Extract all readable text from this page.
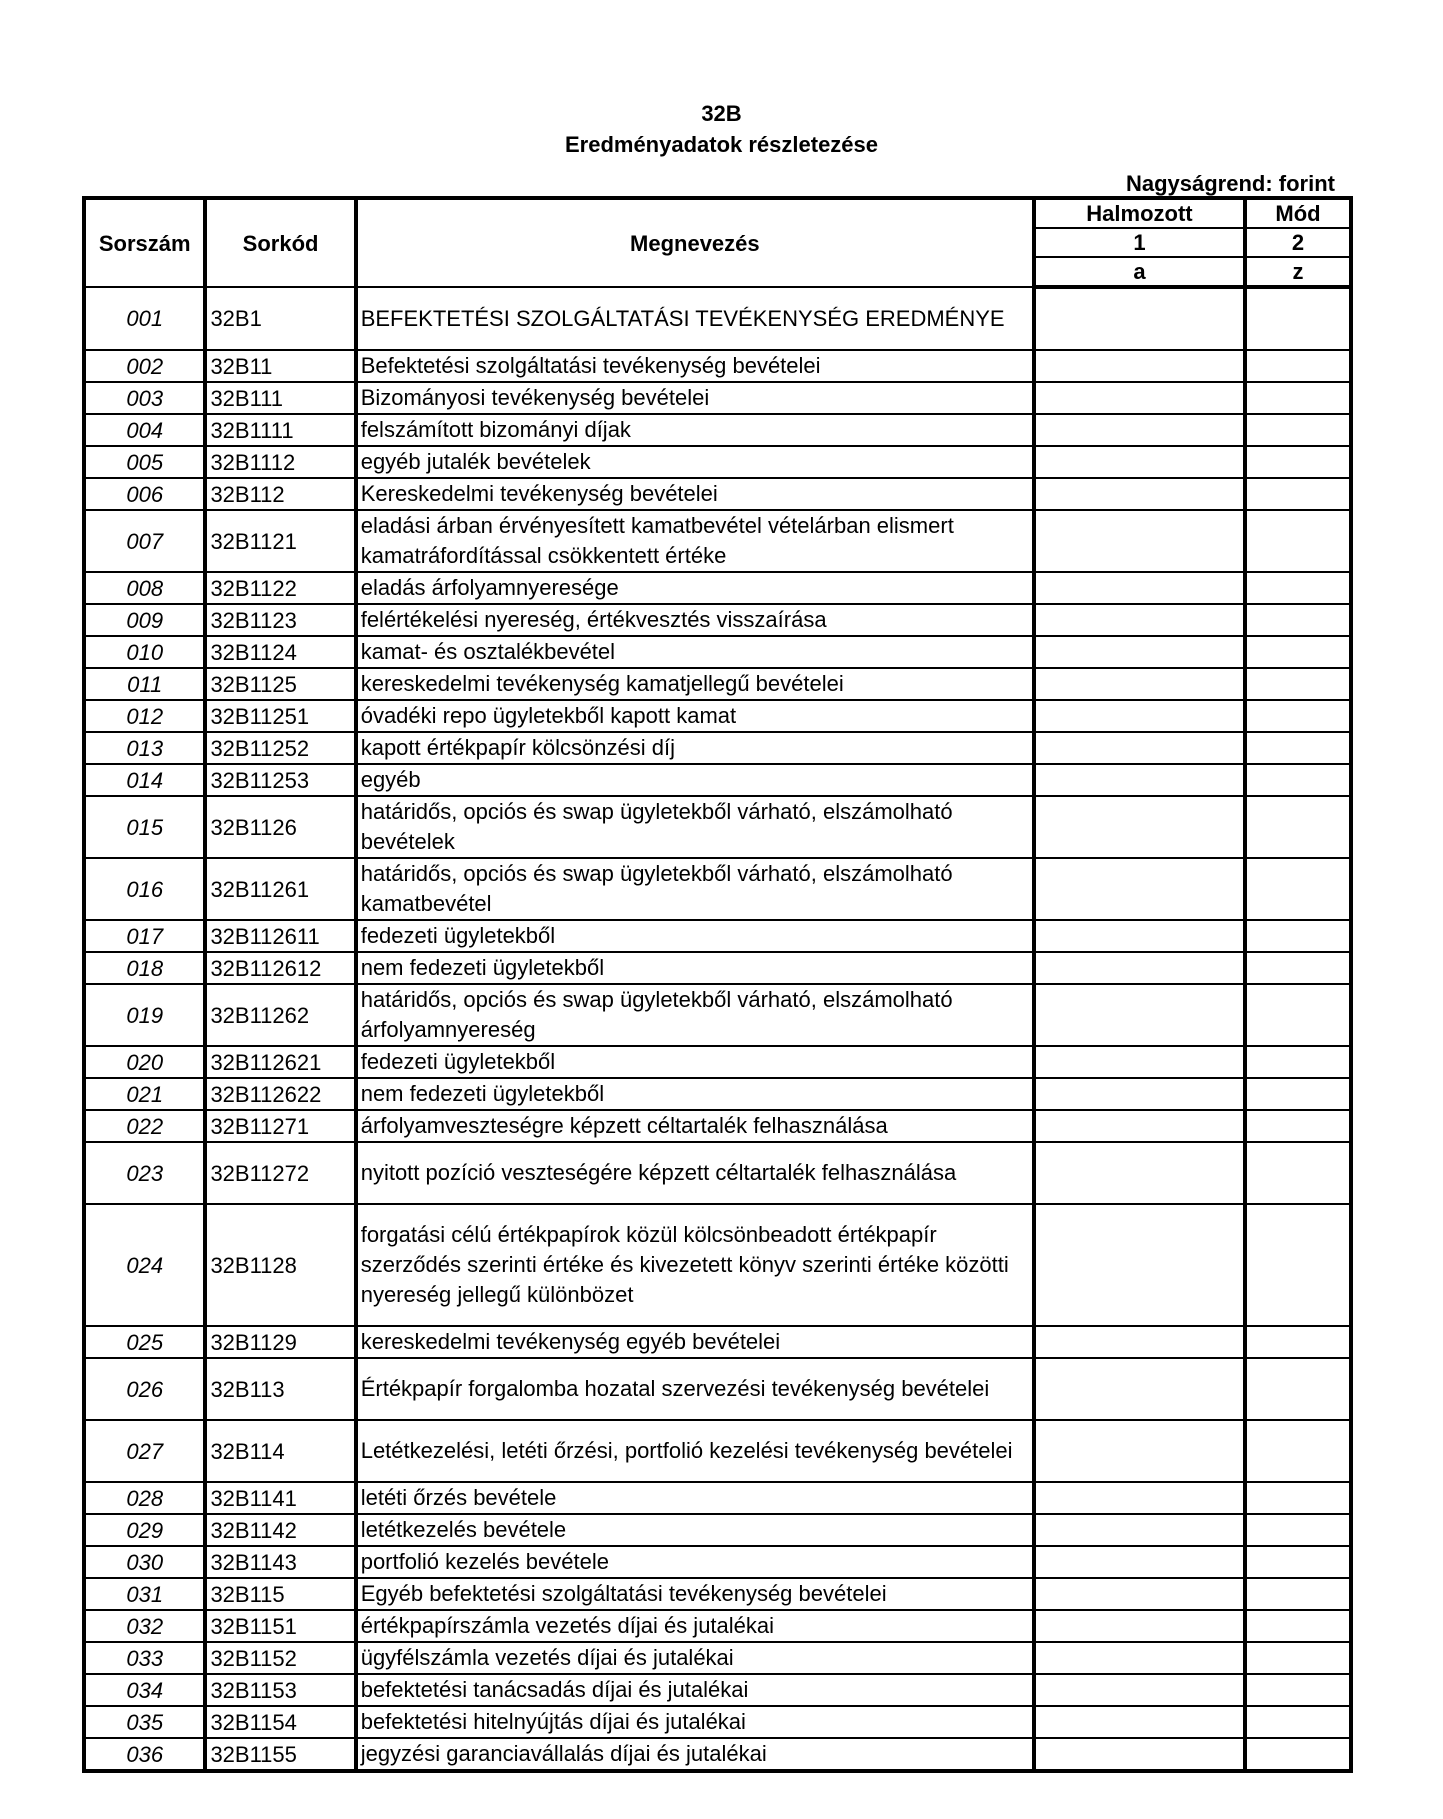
32B
Eredményadatok részletezése
Nagyságrend: forint
Sorszám	Sorkód	Megnevezés	Halmozott	Mód
			1	2
			a	z
001	32B1	BEFEKTETÉSI SZOLGÁLTATÁSI TEVÉKENYSÉG EREDMÉNYE		
002	32B11	Befektetési szolgáltatási tevékenység bevételei		
003	32B111	Bizományosi tevékenység bevételei		
004	32B1111	felszámított bizományi díjak		
005	32B1112	egyéb jutalék bevételek		
006	32B112	Kereskedelmi tevékenység bevételei		
007	32B1121	eladási árban érvényesített kamatbevétel vételárban elismert kamatráfordítással csökkentett értéke		
008	32B1122	eladás árfolyamnyeresége		
009	32B1123	felértékelési nyereség, értékvesztés visszaírása		
010	32B1124	kamat- és osztalékbevétel		
011	32B1125	kereskedelmi tevékenység kamatjellegű bevételei		
012	32B11251	óvadéki repo ügyletekből kapott kamat		
013	32B11252	kapott értékpapír kölcsönzési díj		
014	32B11253	egyéb		
015	32B1126	határidős, opciós és swap ügyletekből várható, elszámolható bevételek		
016	32B11261	határidős, opciós és swap ügyletekből várható, elszámolható kamatbevétel		
017	32B112611	fedezeti ügyletekből		
018	32B112612	nem fedezeti ügyletekből		
019	32B11262	határidős, opciós és swap ügyletekből várható, elszámolható árfolyamnyereség		
020	32B112621	fedezeti ügyletekből		
021	32B112622	nem fedezeti ügyletekből		
022	32B11271	árfolyamveszteségre képzett céltartalék felhasználása		
023	32B11272	nyitott pozíció veszteségére képzett céltartalék felhasználása		
024	32B1128	forgatási célú értékpapírok közül kölcsönbeadott értékpapír szerződés szerinti értéke és kivezetett könyv szerinti értéke közötti nyereség jellegű különbözet		
025	32B1129	kereskedelmi tevékenység egyéb bevételei		
026	32B113	Értékpapír forgalomba hozatal szervezési tevékenység bevételei		
027	32B114	Letétkezelési, letéti őrzési, portfolió kezelési tevékenység bevételei		
028	32B1141	letéti őrzés bevétele		
029	32B1142	letétkezelés bevétele		
030	32B1143	portfolió kezelés bevétele		
031	32B115	Egyéb befektetési szolgáltatási tevékenység bevételei		
032	32B1151	értékpapírszámla vezetés díjai és jutalékai		
033	32B1152	ügyfélszámla vezetés díjai és jutalékai		
034	32B1153	befektetési tanácsadás díjai és jutalékai		
035	32B1154	befektetési hitelnyújtás díjai és jutalékai		
036	32B1155	jegyzési garanciavállalás díjai és jutalékai		
